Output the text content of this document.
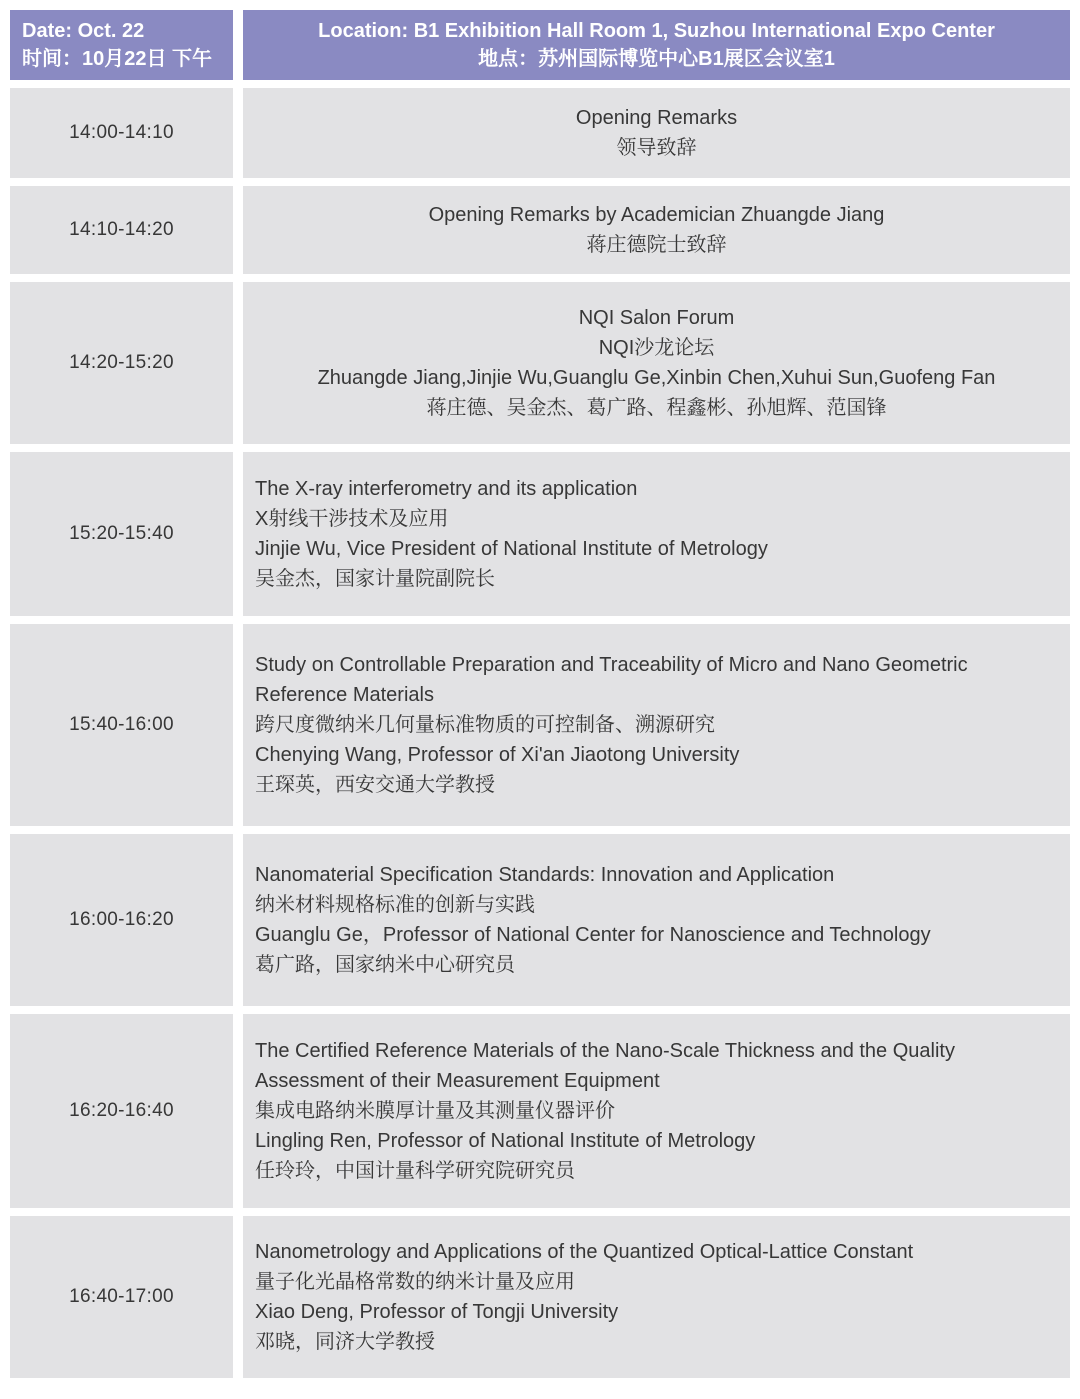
Date: Oct. 22
时间：10月22日 下午
Location: B1 Exhibition Hall Room 1, Suzhou International Expo Center
地点：苏州国际博览中心B1展区会议室1
14:00-14:10
Opening Remarks
领导致辞
14:10-14:20
Opening Remarks by Academician Zhuangde Jiang
蒋庄德院士致辞
14:20-15:20
NQI Salon Forum
NQI沙龙论坛
Zhuangde Jiang,Jinjie Wu,Guanglu Ge,Xinbin Chen,Xuhui Sun,Guofeng Fan
蒋庄德、吴金杰、葛广路、程鑫彬、孙旭辉、范国锋
15:20-15:40
The X-ray interferometry and its application
X射线干涉技术及应用
Jinjie Wu, Vice President of National Institute of Metrology
吴金杰，国家计量院副院长
15:40-16:00
Study on Controllable Preparation and Traceability of Micro and Nano Geometric
Reference Materials
跨尺度微纳米几何量标准物质的可控制备、溯源研究
Chenying Wang, Professor of Xi'an Jiaotong University
王琛英，西安交通大学教授
16:00-16:20
Nanomaterial Specification Standards: Innovation and Application
纳米材料规格标准的创新与实践
Guanglu Ge，Professor of National Center for Nanoscience and Technology
葛广路，国家纳米中心研究员
16:20-16:40
The Certified Reference Materials of the Nano-Scale Thickness and the Quality
Assessment of their Measurement Equipment
集成电路纳米膜厚计量及其测量仪器评价
Lingling Ren, Professor of National Institute of Metrology
任玲玲，中国计量科学研究院研究员
16:40-17:00
Nanometrology and Applications of the Quantized Optical-Lattice Constant
量子化光晶格常数的纳米计量及应用
Xiao Deng, Professor of Tongji University
邓晓，同济大学教授
